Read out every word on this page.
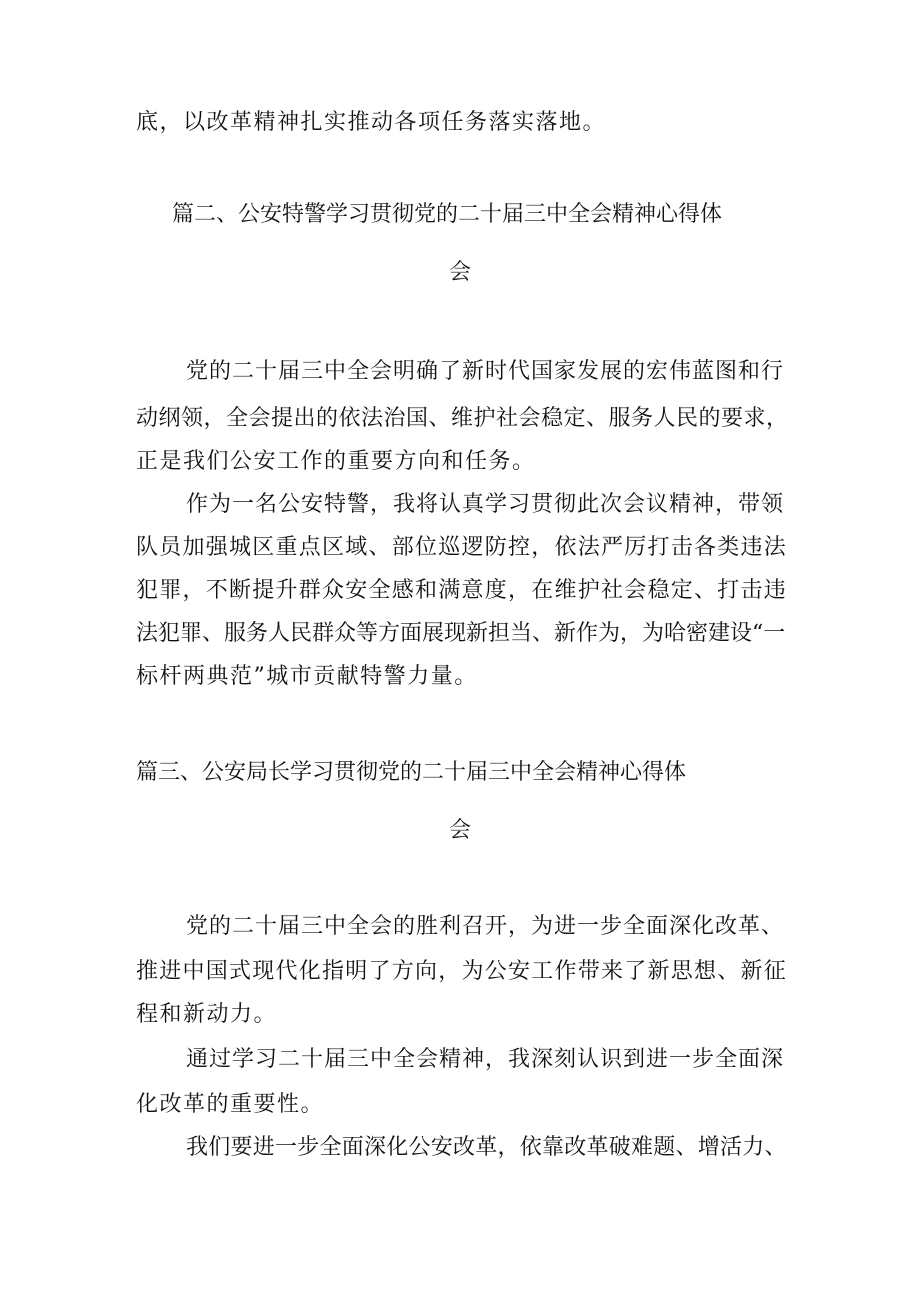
底，以改革精神扎实推动各项任务落实落地。
篇二、公安特警学习贯彻党的二十届三中全会精神心得体
会
党的二十届三中全会明确了新时代国家发展的宏伟蓝图和行
动纲领，全会提出的依法治国、维护社会稳定、服务人民的要求，
正是我们公安工作的重要方向和任务。
作为一名公安特警，我将认真学习贯彻此次会议精神，带领
队员加强城区重点区域、部位巡逻防控，依法严厉打击各类违法
犯罪，不断提升群众安全感和满意度，在维护社会稳定、打击违
法犯罪、服务人民群众等方面展现新担当、新作为，为哈密建设“一
标杆两典范”城市贡献特警力量。
篇三、公安局长学习贯彻党的二十届三中全会精神心得体
会
党的二十届三中全会的胜利召开，为进一步全面深化改革、
推进中国式现代化指明了方向，为公安工作带来了新思想、新征
程和新动力。
通过学习二十届三中全会精神，我深刻认识到进一步全面深
化改革的重要性。
我们要进一步全面深化公安改革，依靠改革破难题、增活力、
